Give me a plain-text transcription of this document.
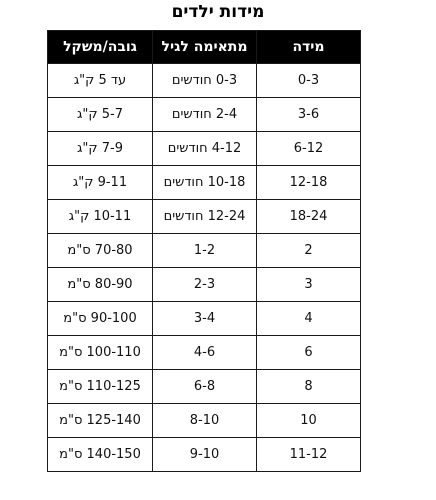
מידות ילדים
מידה	מתאימה לגיל	גובה/משקל
0-3	0-3 חודשים	עד 5 ק"ג
3-6	2-4 חודשים	5-7 ק"ג
6-12	4-12 חודשים	7-9 ק"ג
12-18	10-18 חודשים	9-11 ק"ג
18-24	12-24 חודשים	10-11 ק"ג
2	1-2	70-80 ס"מ
3	2-3	80-90 ס"מ
4	3-4	90-100 ס"מ
6	4-6	100-110 ס"מ
8	6-8	110-125 ס"מ
10	8-10	125-140 ס"מ
11-12	9-10	140-150 ס"מ
